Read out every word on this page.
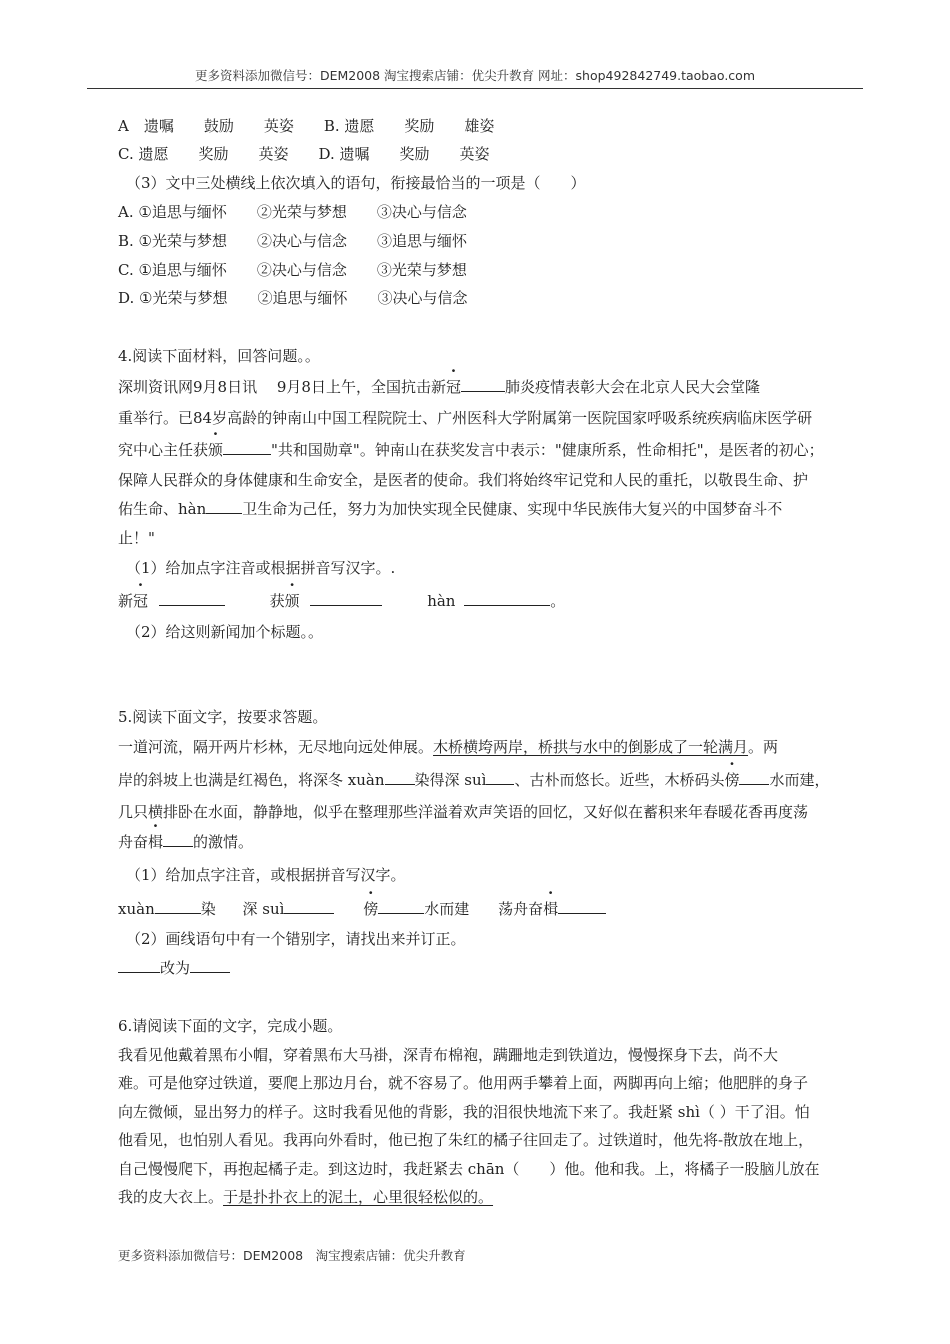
更多资料添加微信号：DEM2008 淘宝搜索店铺：优尖升教育 网址：shop492842749.taobao.com
A　遗嘱　　鼓励　　英姿　　B. 遗愿　　奖励　　雄姿
C. 遗愿　　奖励　　英姿　　D. 遗嘱　　奖励　　英姿
（3）文中三处横线上依次填入的语句，衔接最恰当的一项是（　　）
A. ①追思与缅怀　　②光荣与梦想　　③决心与信念
B. ①光荣与梦想　　②决心与信念　　③追思与缅怀
C. ①追思与缅怀　　②决心与信念　　③光荣与梦想
D. ①光荣与梦想　　②追思与缅怀　　③决心与信念
4.阅读下面材料，回答问题。。
深圳资讯网9月8日讯　 9月8日上午，全国抗击新冠	肺炎疫情表彰大会在北京人民大会堂隆
重举行。已84岁高龄的钟南山中国工程院院士、广州医科大学附属第一医院国家呼吸系统疾病临床医学研
究中心主任获颁	"共和国勋章"。钟南山在获奖发言中表示："健康所系，性命相托"，是医者的初心；
保障人民群众的身体健康和生命安全，是医者的使命。我们将始终牢记党和人民的重托，以敬畏生命、护
佑生命、hàn 卫生命为己任，努力为加快实现全民健康、实现中华民族伟大复兴的中国梦奋斗不
止！"
（1）给加点字注音或根据拼音写汉字。.
新冠	获颁	hàn	。
（2）给这则新闻加个标题。。
5.阅读下面文字，按要求答题。
一道河流，隔开两片杉林，无尽地向远处伸展。木桥横垮两岸，桥拱与水中的倒影成了一轮满月。两
岸的斜坡上也满是红褐色，将深冬 xuàn 染得深 suì 、古朴而悠长。近些，木桥码头傍 水而建，
几只横排卧在水面，静静地，似乎在整理那些洋溢着欢声笑语的回忆，又好似在蓄积来年春暖花香再度荡
舟奋楫 的激情。
（1）给加点字注音，或根据拼音写汉字。
xuàn	染 深 suì	傍	水而建 荡舟奋楫
（2）画线语句中有一个错别字，请找出来并订正。
改为
6.请阅读下面的文字，完成小题。
我看见他戴着黑布小帽，穿着黑布大马褂，深青布棉袍，蹒跚地走到铁道边，慢慢探身下去，尚不大
难。可是他穿过铁道，要爬上那边月台，就不容易了。他用两手攀着上面，两脚再向上缩；他肥胖的身子
向左微倾，显出努力的样子。这时我看见他的背影，我的泪很快地流下来了。我赶紧 shì（ ）干了泪。怕
他看见，也怕别人看见。我再向外看时，他已抱了朱红的橘子往回走了。过铁道时，他先将-散放在地上，
自己慢慢爬下，再抱起橘子走。到这边时，我赶紧去 chān（　　）他。他和我。上，将橘子一股脑儿放在
我的皮大衣上。于是扑扑衣上的泥土，心里很轻松似的。
更多资料添加微信号：DEM2008　淘宝搜索店铺：优尖升教育
